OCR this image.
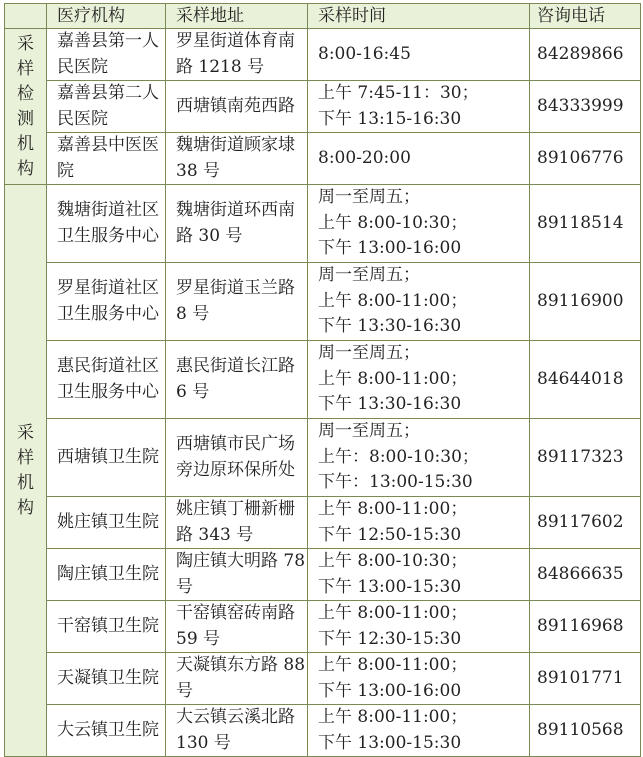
	医疗机构	采样地址	采样时间	咨询电话
采样检测机构	嘉善县第一人民医院	罗星街道体育南路 1218 号	8:00-16:45	84289866
	嘉善县第二人民医院	西塘镇南苑西路	上午 7:45-11：30；
下午 13:15-16:30	84333999
	嘉善县中医医院	魏塘街道顾家埭 38 号	8:00-20:00	89106776
采样机构	魏塘街道社区卫生服务中心	魏塘街道环西南路 30 号	周一至周五；
上午 8:00-10:30；
下午 13:00-16:00	89118514
	罗星街道社区卫生服务中心	罗星街道玉兰路 8 号	周一至周五；
上午 8:00-11:00；
下午 13:30-16:30	89116900
	惠民街道社区卫生服务中心	惠民街道长江路 6 号	周一至周五；
上午 8:00-11:00；
下午 13:30-16:30	84644018
	西塘镇卫生院	西塘镇市民广场旁边原环保所处	周一至周五；
上午：8:00-10:30；
下午：13:00-15:30	89117323
	姚庄镇卫生院	姚庄镇丁栅新栅路 343 号	上午 8:00-11:00；
下午 12:50-15:30	89117602
	陶庄镇卫生院	陶庄镇大明路 78 号	上午 8:00-10:30；
下午 13:00-15:30	84866635
	干窑镇卫生院	干窑镇窑砖南路 59 号	上午 8:00-11:00；
下午 12:30-15:30	89116968
	天凝镇卫生院	天凝镇东方路 88 号	上午 8:00-11:00；
下午 13:00-16:00	89101771
	大云镇卫生院	大云镇云溪北路 130 号	上午 8:00-11:00；
下午 13:00-15:30	89110568
